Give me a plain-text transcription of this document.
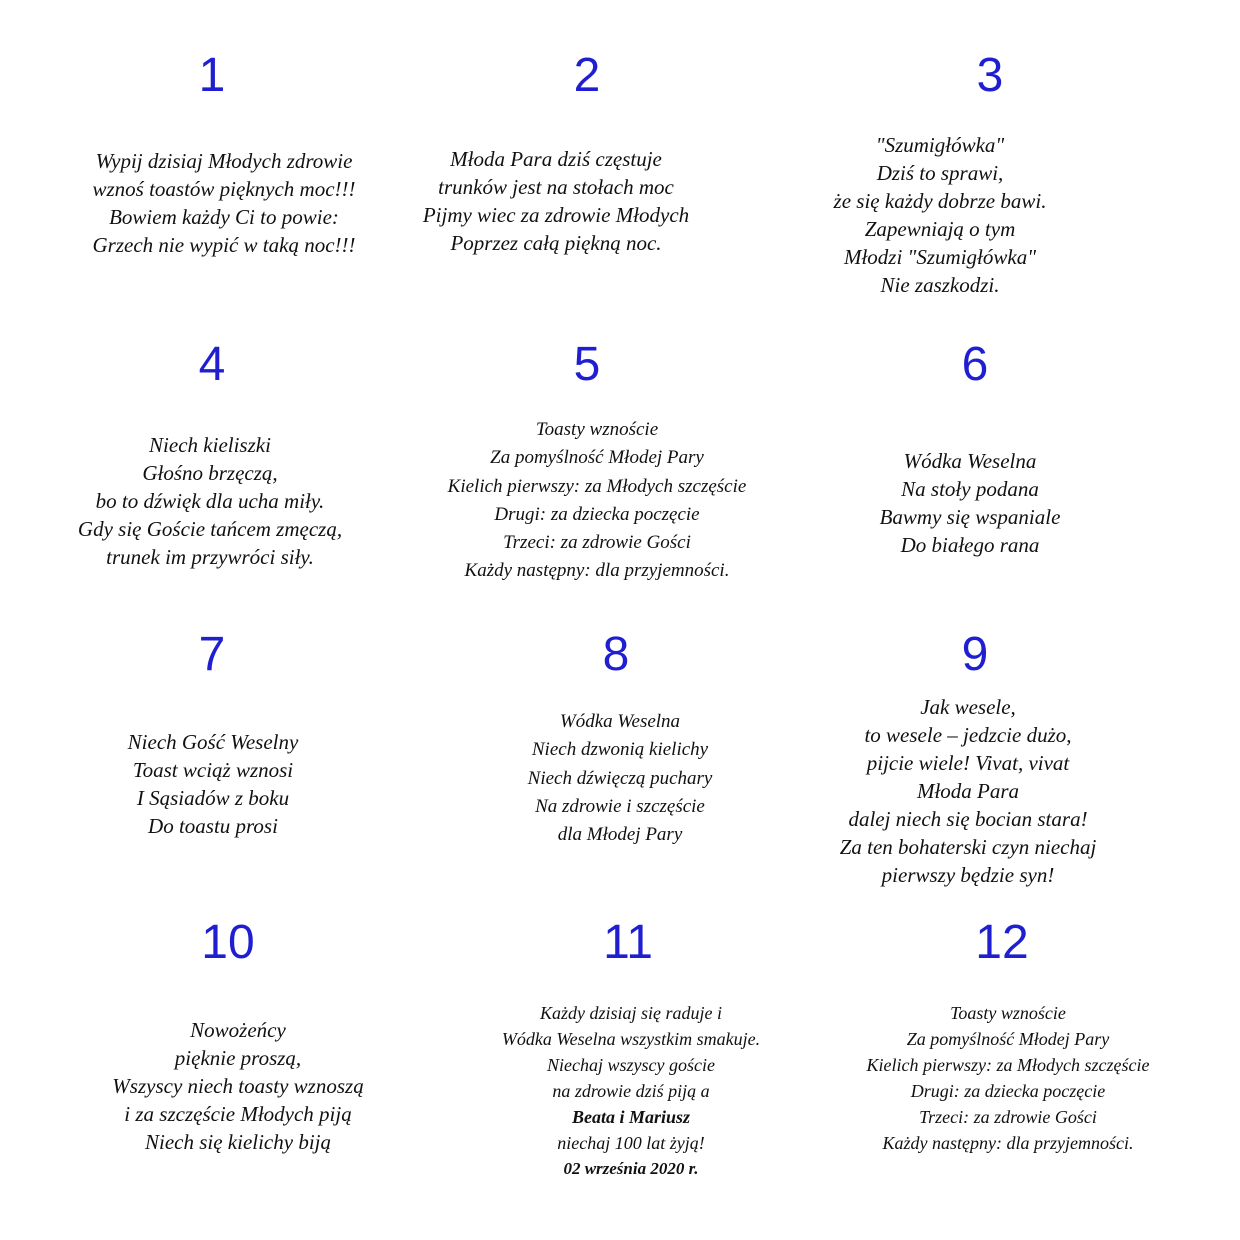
1
Wypij dzisiaj Młodych zdrowie
wznoś toastów pięknych moc!!!
Bowiem każdy Ci to powie:
Grzech nie wypić w taką noc!!!
2
Młoda Para dziś częstuje
trunków jest na stołach moc
Pijmy wiec za zdrowie Młodych
Poprzez całą piękną noc.
3
"Szumigłówka"
Dziś to sprawi,
że się każdy dobrze bawi.
Zapewniają o tym
Młodzi "Szumigłówka"
Nie zaszkodzi.
4
Niech kieliszki
Głośno brzęczą,
bo to dźwięk dla ucha miły.
Gdy się Goście tańcem zmęczą,
trunek im przywróci siły.
5
Toasty wznoście
Za pomyślność Młodej Pary
Kielich pierwszy: za Młodych szczęście
Drugi: za dziecka poczęcie
Trzeci: za zdrowie Gości
Każdy następny: dla przyjemności.
6
Wódka Weselna
Na stoły podana
Bawmy się wspaniale
Do białego rana
7
Niech Gość Weselny
Toast wciąż wznosi
I Sąsiadów z boku
Do toastu prosi
8
Wódka Weselna
Niech dzwonią kielichy
Niech dźwięczą puchary
Na zdrowie i szczęście
dla Młodej Pary
9
Jak wesele,
to wesele – jedzcie dużo,
pijcie wiele! Vivat, vivat
Młoda Para
dalej niech się bocian stara!
Za ten bohaterski czyn niechaj
pierwszy będzie syn!
10
Nowożeńcy
pięknie proszą,
Wszyscy niech toasty wznoszą
i za szczęście Młodych piją
Niech się kielichy biją
11
Każdy dzisiaj się raduje i
Wódka Weselna wszystkim smakuje.
Niechaj wszyscy goście
na zdrowie dziś piją a
Beata i Mariusz
niechaj 100 lat żyją!
02 września 2020 r.
12
Toasty wznoście
Za pomyślność Młodej Pary
Kielich pierwszy: za Młodych szczęście
Drugi: za dziecka poczęcie
Trzeci: za zdrowie Gości
Każdy następny: dla przyjemności.
